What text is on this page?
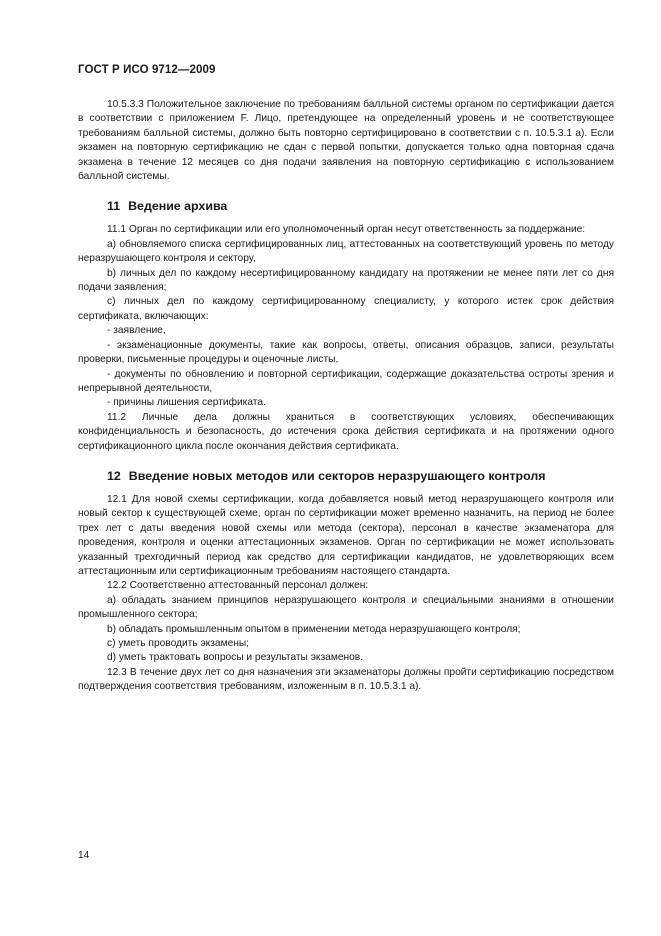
ГОСТ Р ИСО 9712—2009

10.5.3.3 Положительное заключение по требованиям балльной системы органом по сертификации дается в соответствии с приложением F. Лицо, претендующее на определенный уровень и не соответствующее требованиям балльной системы, должно быть повторно сертифицировано в соответствии с п. 10.5.3.1 а). Если экзамен на повторную сертификацию не сдан с первой попытки, допускается только одна повторная сдача экзамена в течение 12 месяцев со дня подачи заявления на повторную сертификацию с использованием балльной системы.

11 Ведение архива

11.1 Орган по сертификации или его уполномоченный орган несут ответственность за поддержание:

a) обновляемого списка сертифицированных лиц, аттестованных на соответствующий уровень по методу неразрушающего контроля и сектору,

b) личных дел по каждому несертифицированному кандидату на протяжении не менее пяти лет со дня подачи заявления;

c) личных дел по каждому сертифицированному специалисту, у которого истек срок действия сертификата, включающих:

- заявление,

- экзаменационные документы, такие как вопросы, ответы, описания образцов, записи, результаты проверки, письменные процедуры и оценочные листы,

- документы по обновлению и повторной сертификации, содержащие доказательства остроты зрения и непрерывной деятельности,

- причины лишения сертификата.

11.2 Личные дела должны храниться в соответствующих условиях, обеспечивающих конфиденциальность и безопасность, до истечения срока действия сертификата и на протяжении одного сертификационного цикла после окончания действия сертификата.

12 Введение новых методов или секторов неразрушающего контроля

12.1 Для новой схемы сертификации, когда добавляется новый метод неразрушающего контроля или новый сектор к существующей схеме, орган по сертификации может временно назначить, на период не более трех лет с даты введения новой схемы или метода (сектора), персонал в качестве экзаменатора для проведения, контроля и оценки аттестационных экзаменов. Орган по сертификации не может использовать указанный трехгодичный период как средство для сертификации кандидатов, не удовлетворяющих всем аттестационным или сертификационным требованиям настоящего стандарта.

12.2 Соответственно аттестованный персонал должен:

a) обладать знанием принципов неразрушающего контроля и специальными знаниями в отношении промышленного сектора;

b) обладать промышленным опытом в применении метода неразрушающего контроля;

c) уметь проводить экзамены;

d) уметь трактовать вопросы и результаты экзаменов.

12.3 В течение двух лет со дня назначения эти экзаменаторы должны пройти сертификацию посредством подтверждения соответствия требованиям, изложенным в п. 10.5.3.1 а).

14
